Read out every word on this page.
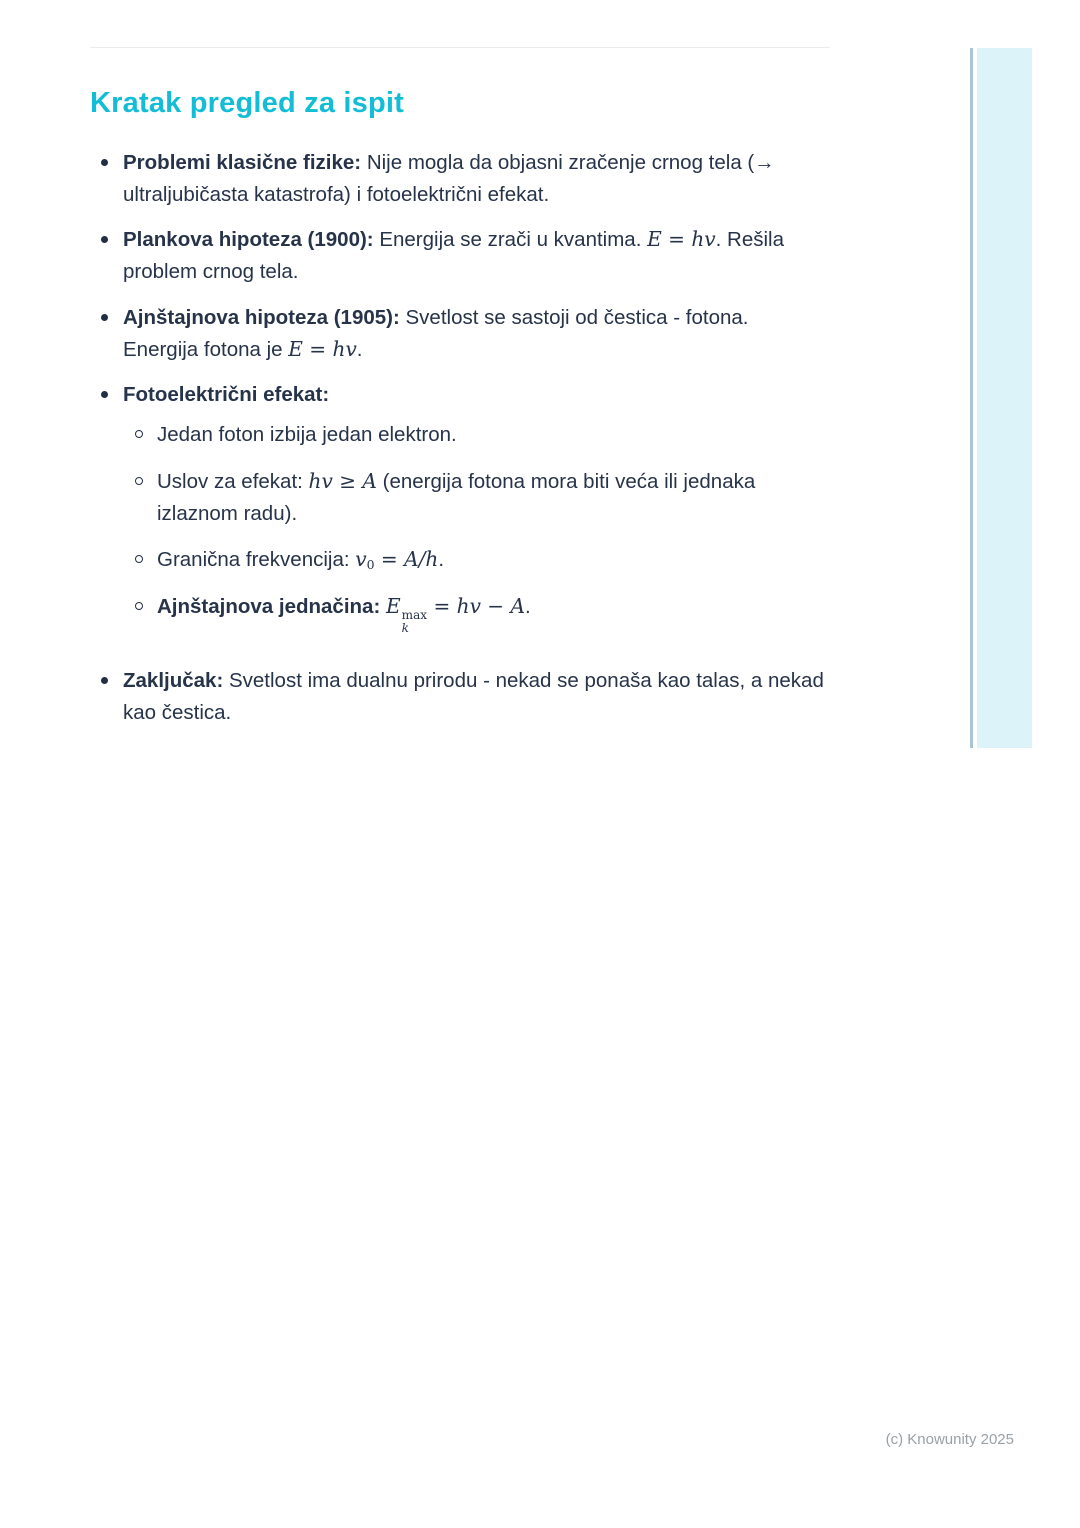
Kratak pregled za ispit
Problemi klasične fizike: Nije mogla da objasni zračenje crnog tela (→ ultraljubičasta katastrofa) i fotoelektrični efekat.
Plankova hipoteza (1900): Energija se zrači u kvantima. E = hv. Rešila problem crnog tela.
Ajnštajnova hipoteza (1905): Svetlost se sastoji od čestica - fotona. Energija fotona je E = hv.
Fotoelektrični efekat:
Jedan foton izbija jedan elektron.
Uslov za efekat: hv ≥ A (energija fotona mora biti veća ili jednaka izlaznom radu).
Granična frekvencija: v0 = A/h.
Ajnštajnova jednačina: E max
k
= hv − A.
Zaključak: Svetlost ima dualnu prirodu - nekad se ponaša kao talas, a nekad kao čestica.
(c) Knowunity 2025
